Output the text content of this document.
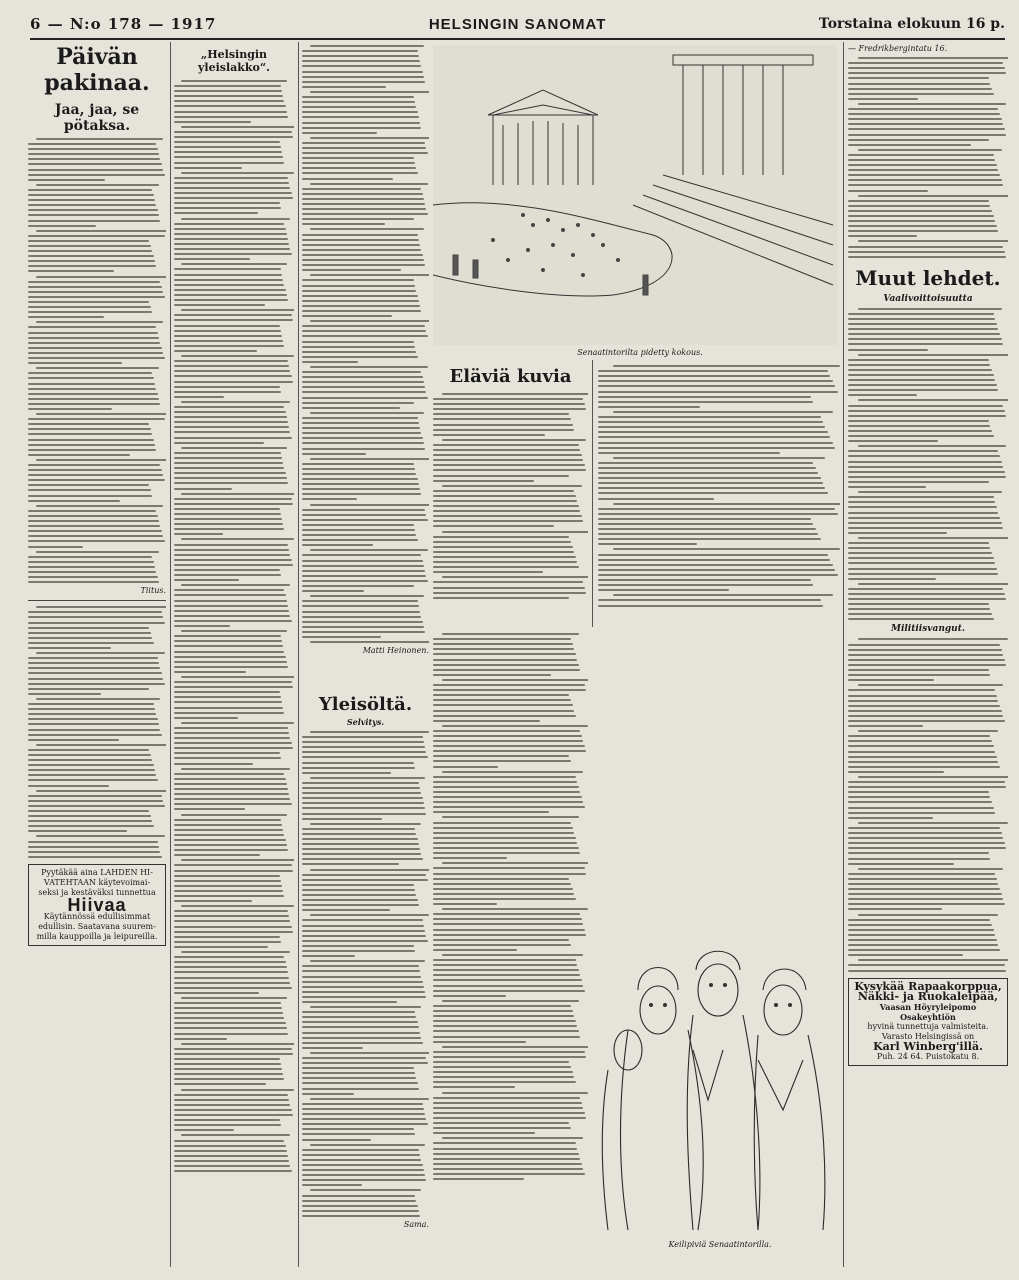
6 — N:o 178 — 1917	HELSINGIN SANOMAT	Torstaina elokuun 16 p.
Päivän pakinaa.
Jaa, jaa, se pötaksa.
Tiitus.
Pyytäkää aina LAHDEN HI-
VATEHTAAN käytevoimai-
seksi ja kestäväksi tunnettua
Hiivaa
Käytännössä edullisimmat
edullisin. Saatavana suurem-
milla kauppoilla ja leipureilla.
„Helsingin yleislakko“.
Matti Heinonen.
Yleisöltä.
Selvitys.
Sama.
Senaatintorilta pidetty kokous.
Eläviä kuvia
Keilipiviä Senaatintorilla.
— Fredrikbergintatu 16.
Muut lehdet.
Vaalivoittoisuutta
Militiisvangut.
Kysykää Rapaakorppua,
Näkki- ja Ruokaleipää,
Vaasan Höyryleipomo Osakeyhtiön
hyvinä tunnettuja valmisteita.
Varasto Helsingissä on
Karl Winberg'illä.
Puh. 24 64. Puistokatu 8.
